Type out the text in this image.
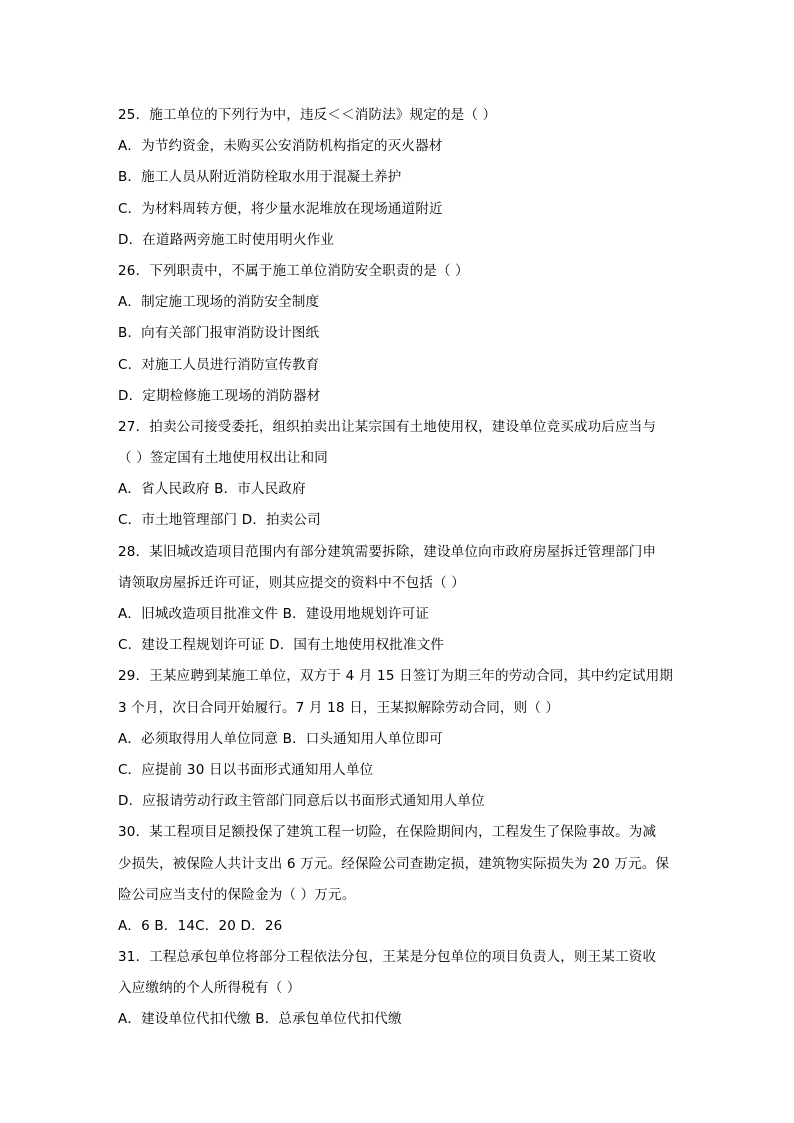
25．施工单位的下列行为中，违反＜＜消防法》规定的是（ ）
A．为节约资金，未购买公安消防机构指定的灭火器材
B．施工人员从附近消防栓取水用于混凝土养护
C．为材料周转方便，将少量水泥堆放在现场通道附近
D．在道路两旁施工时使用明火作业
26．下列职责中，不属于施工单位消防安全职责的是（ ）
A．制定施工现场的消防安全制度
B．向有关部门报审消防设计图纸
C．对施工人员进行消防宣传教育
D．定期检修施工现场的消防器材
27．拍卖公司接受委托，组织拍卖出让某宗国有土地使用权，建设单位竞买成功后应当与
（ ）签定国有土地使用权出让和同
A．省人民政府 B．市人民政府
C．市土地管理部门 D．拍卖公司
28．某旧城改造项目范围内有部分建筑需要拆除，建设单位向市政府房屋拆迁管理部门申
请领取房屋拆迁许可证，则其应提交的资料中不包括（ ）
A．旧城改造项目批准文件 B．建设用地规划许可证
C．建设工程规划许可证 D．国有土地使用权批准文件
29．王某应聘到某施工单位，双方于 4 月 15 日签订为期三年的劳动合同，其中约定试用期
3 个月，次日合同开始履行。7 月 18 日，王某拟解除劳动合同，则（ ）
A．必须取得用人单位同意 B．口头通知用人单位即可
C．应提前 30 日以书面形式通知用人单位
D．应报请劳动行政主管部门同意后以书面形式通知用人单位
30．某工程项目足额投保了建筑工程一切险，在保险期间内，工程发生了保险事故。为减
少损失，被保险人共计支出 6 万元。经保险公司查勘定损，建筑物实际损失为 20 万元。保
险公司应当支付的保险金为（ ）万元。
A．6 B．14C．20 D．26
31．工程总承包单位将部分工程依法分包，王某是分包单位的项目负责人，则王某工资收
入应缴纳的个人所得税有（ ）
A．建设单位代扣代缴 B．总承包单位代扣代缴
